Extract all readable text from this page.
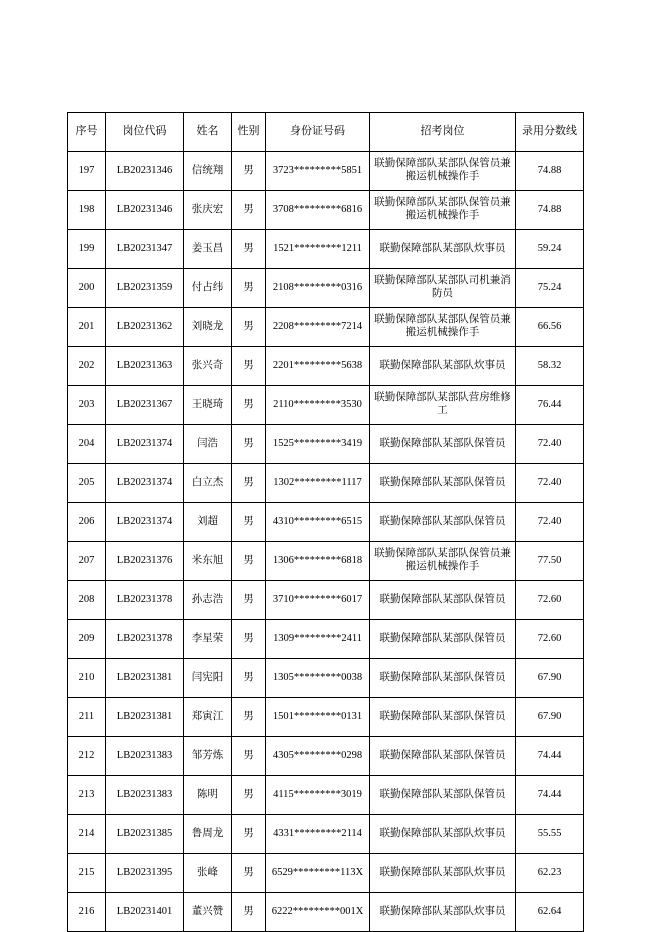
序号	岗位代码	姓名	性别	身份证号码	招考岗位	录用分数线
197	LB20231346	信统翔	男	3723*********5851	联勤保障部队某部队保管员兼搬运机械操作手	74.88
198	LB20231346	张庆宏	男	3708*********6816	联勤保障部队某部队保管员兼搬运机械操作手	74.88
199	LB20231347	姜玉昌	男	1521*********1211	联勤保障部队某部队炊事员	59.24
200	LB20231359	付占纬	男	2108*********0316	联勤保障部队某部队司机兼消防员	75.24
201	LB20231362	刘晓龙	男	2208*********7214	联勤保障部队某部队保管员兼搬运机械操作手	66.56
202	LB20231363	张兴奇	男	2201*********5638	联勤保障部队某部队炊事员	58.32
203	LB20231367	王晓琦	男	2110*********3530	联勤保障部队某部队营房维修工	76.44
204	LB20231374	闫浩	男	1525*********3419	联勤保障部队某部队保管员	72.40
205	LB20231374	白立杰	男	1302*********1117	联勤保障部队某部队保管员	72.40
206	LB20231374	刘超	男	4310*********6515	联勤保障部队某部队保管员	72.40
207	LB20231376	米东旭	男	1306*********6818	联勤保障部队某部队保管员兼搬运机械操作手	77.50
208	LB20231378	孙志浩	男	3710*********6017	联勤保障部队某部队保管员	72.60
209	LB20231378	李星荣	男	1309*********2411	联勤保障部队某部队保管员	72.60
210	LB20231381	闫宪阳	男	1305*********0038	联勤保障部队某部队保管员	67.90
211	LB20231381	郑寅江	男	1501*********0131	联勤保障部队某部队保管员	67.90
212	LB20231383	邹芳炼	男	4305*********0298	联勤保障部队某部队保管员	74.44
213	LB20231383	陈明	男	4115*********3019	联勤保障部队某部队保管员	74.44
214	LB20231385	鲁周龙	男	4331*********2114	联勤保障部队某部队炊事员	55.55
215	LB20231395	张峰	男	6529*********113X	联勤保障部队某部队炊事员	62.23
216	LB20231401	董兴赞	男	6222*********001X	联勤保障部队某部队炊事员	62.64
